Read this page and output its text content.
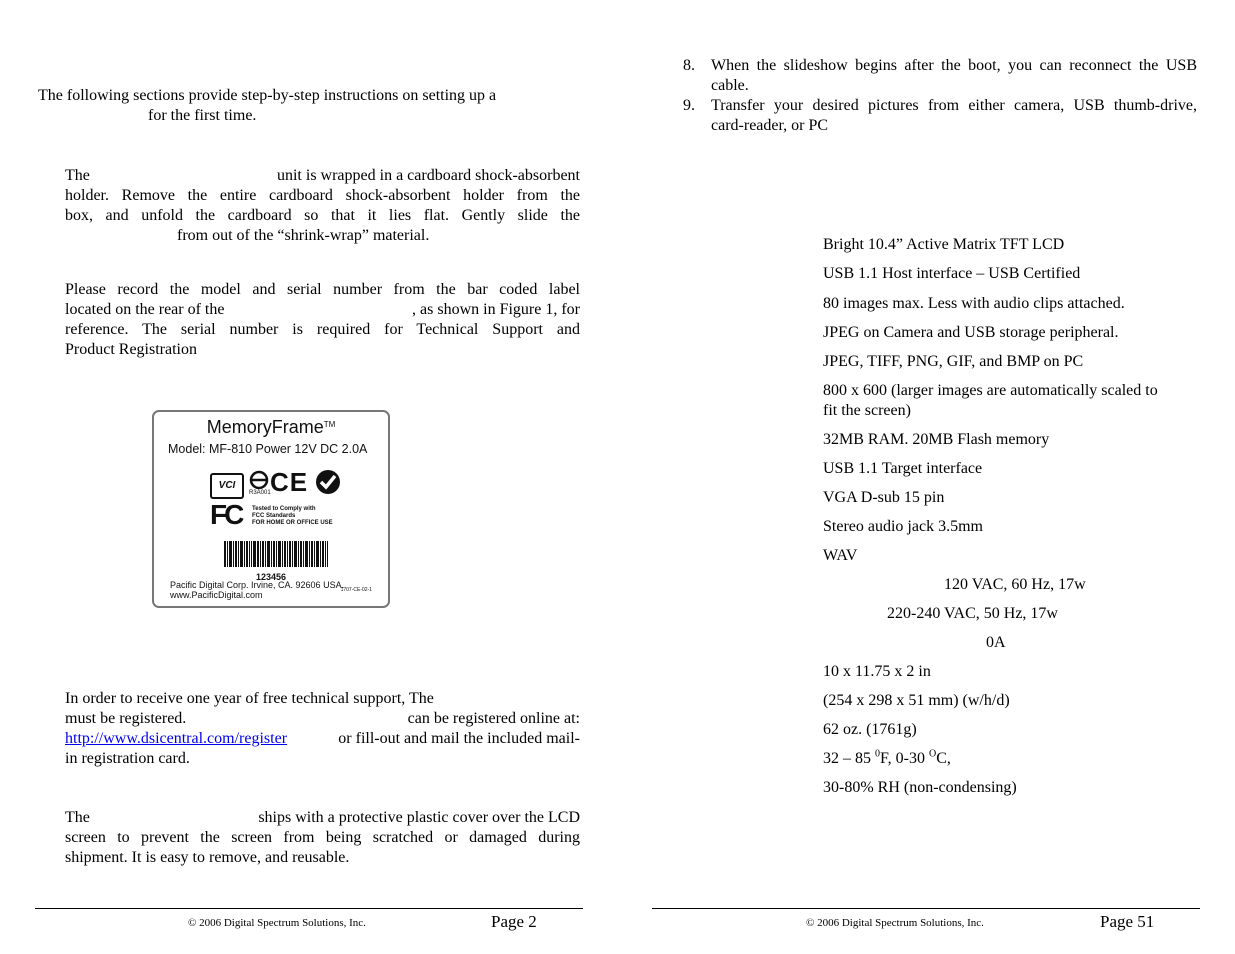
The following sections provide step-by-step instructions on setting up a
for the first time.
The	unit is wrapped in a cardboard shock-absorbent
holder. Remove the entire cardboard shock-absorbent holder from the
box, and unfold the cardboard so that it lies flat. Gently slide the
from out of the “shrink-wrap” material.
Please record the model and serial number from the bar coded label
located on the rear of the	, as shown in Figure 1, for
reference. The serial number is required for Technical Support and
Product Registration
MemoryFrame™
Model: MF-810 Power 12V DC 2.0A
VCI
R3A001 CE
FC Tested to Comply with
FCC Standards
FOR HOME OR OFFICE USE
123456
Pacific Digital Corp. Irvine, CA. 92606 USA.
www.PacificDigital.com	1707-CE-02-1
In order to receive one year of free technical support, The
must be registered.	can be registered online at:
http://www.dsicentral.com/register	or fill-out and mail the included mail-
in registration card.
The	ships with a protective plastic cover over the LCD
screen to prevent the screen from being scratched or damaged during
shipment. It is easy to remove, and reusable.
© 2006 Digital Spectrum Solutions, Inc.	Page 2
8. When the slideshow begins after the boot, you can reconnect the USB
cable.
9. Transfer your desired pictures from either camera, USB thumb-drive,
card-reader, or PC
Bright 10.4” Active Matrix TFT LCD
USB 1.1 Host interface – USB Certified
80 images max. Less with audio clips attached.
JPEG on Camera and USB storage peripheral.
JPEG, TIFF, PNG, GIF, and BMP on PC
800 x 600 (larger images are automatically scaled to
fit the screen)
32MB RAM. 20MB Flash memory
USB 1.1 Target interface
VGA D-sub 15 pin
Stereo audio jack 3.5mm
WAV
120 VAC, 60 Hz, 17w
220-240 VAC, 50 Hz, 17w
0A
10 x 11.75 x 2 in
(254 x 298 x 51 mm) (w/h/d)
62 oz. (1761g)
32 – 85 $^0$F, 0-30 $^O$C,
30-80% RH (non-condensing)
© 2006 Digital Spectrum Solutions, Inc.	Page 51
